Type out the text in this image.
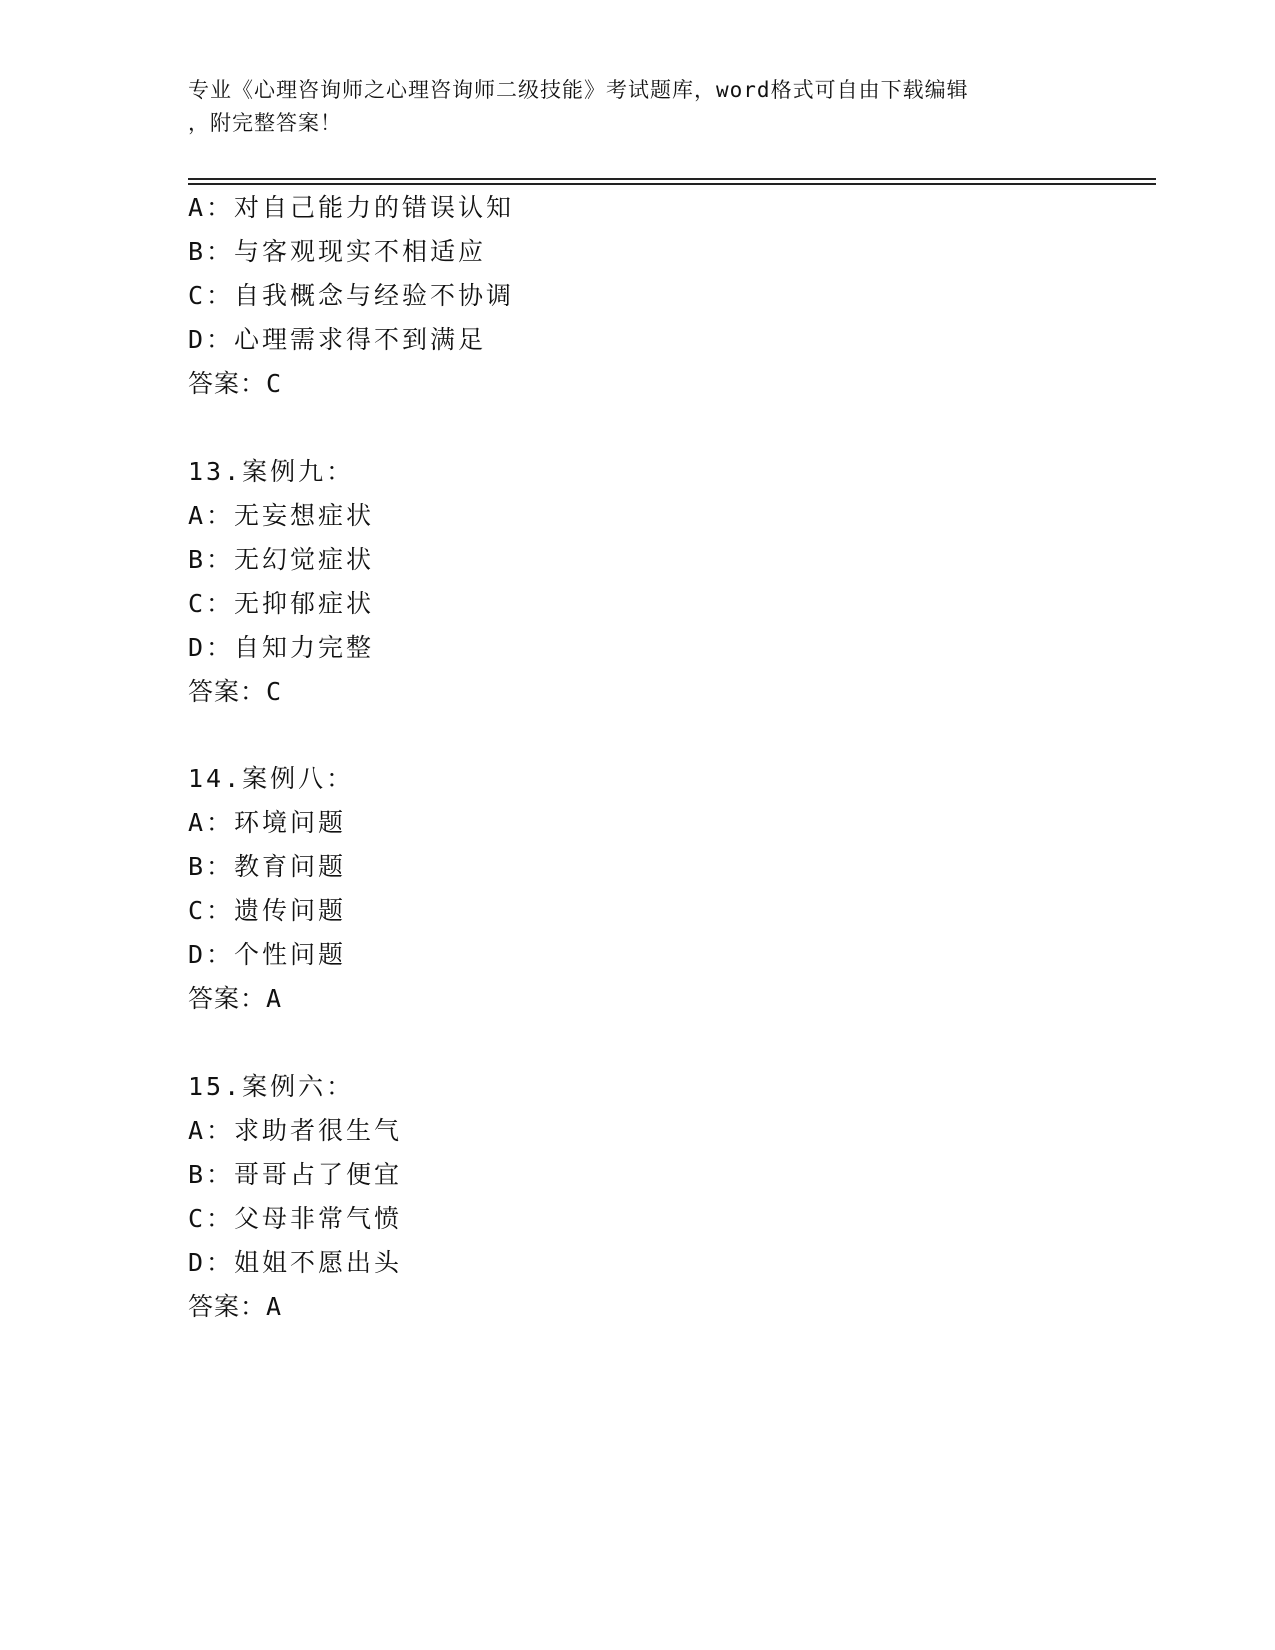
专业《心理咨询师之心理咨询师二级技能》考试题库，word格式可自由下载编辑
，附完整答案！
A：对自己能力的错误认知
B：与客观现实不相适应
C：自我概念与经验不协调
D：心理需求得不到满足
答案：C
13.案例九：
A：无妄想症状
B：无幻觉症状
C：无抑郁症状
D：自知力完整
答案：C
14.案例八：
A：环境问题
B：教育问题
C：遗传问题
D：个性问题
答案：A
15.案例六：
A：求助者很生气
B：哥哥占了便宜
C：父母非常气愤
D：姐姐不愿出头
答案：A
